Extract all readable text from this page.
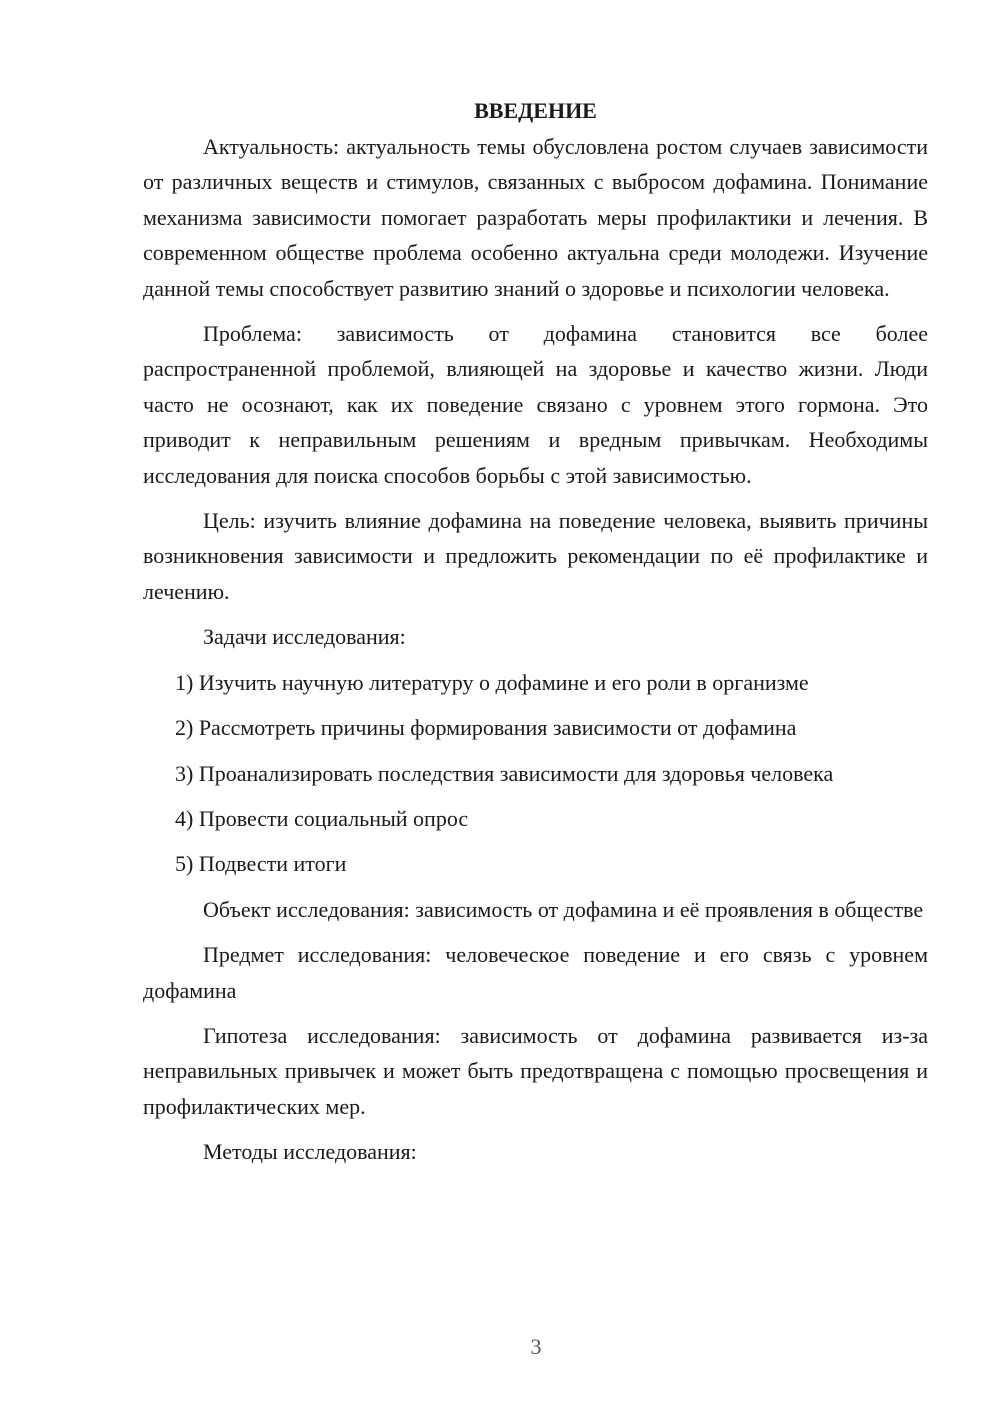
ВВЕДЕНИЕ

Актуальность: актуальность темы обусловлена ростом случаев зависимости от различных веществ и стимулов, связанных с выбросом дофамина. Понимание механизма зависимости помогает разработать меры профилактики и лечения. В современном обществе проблема особенно актуальна среди молодежи. Изучение данной темы способствует развитию знаний о здоровье и психологии человека.

Проблема: зависимость от дофамина становится все более распространенной проблемой, влияющей на здоровье и качество жизни. Люди часто не осознают, как их поведение связано с уровнем этого гормона. Это приводит к неправильным решениям и вредным привычкам. Необходимы исследования для поиска способов борьбы с этой зависимостью.

Цель: изучить влияние дофамина на поведение человека, выявить причины возникновения зависимости и предложить рекомендации по её профилактике и лечению.

Задачи исследования:

1) Изучить научную литературу о дофамине и его роли в организме
2) Рассмотреть причины формирования зависимости от дофамина
3) Проанализировать последствия зависимости для здоровья человека
4) Провести социальный опрос
5) Подвести итоги

Объект исследования: зависимость от дофамина и её проявления в обществе

Предмет исследования: человеческое поведение и его связь с уровнем дофамина

Гипотеза исследования: зависимость от дофамина развивается из-за неправильных привычек и может быть предотвращена с помощью просвещения и профилактических мер.

Методы исследования:

3
